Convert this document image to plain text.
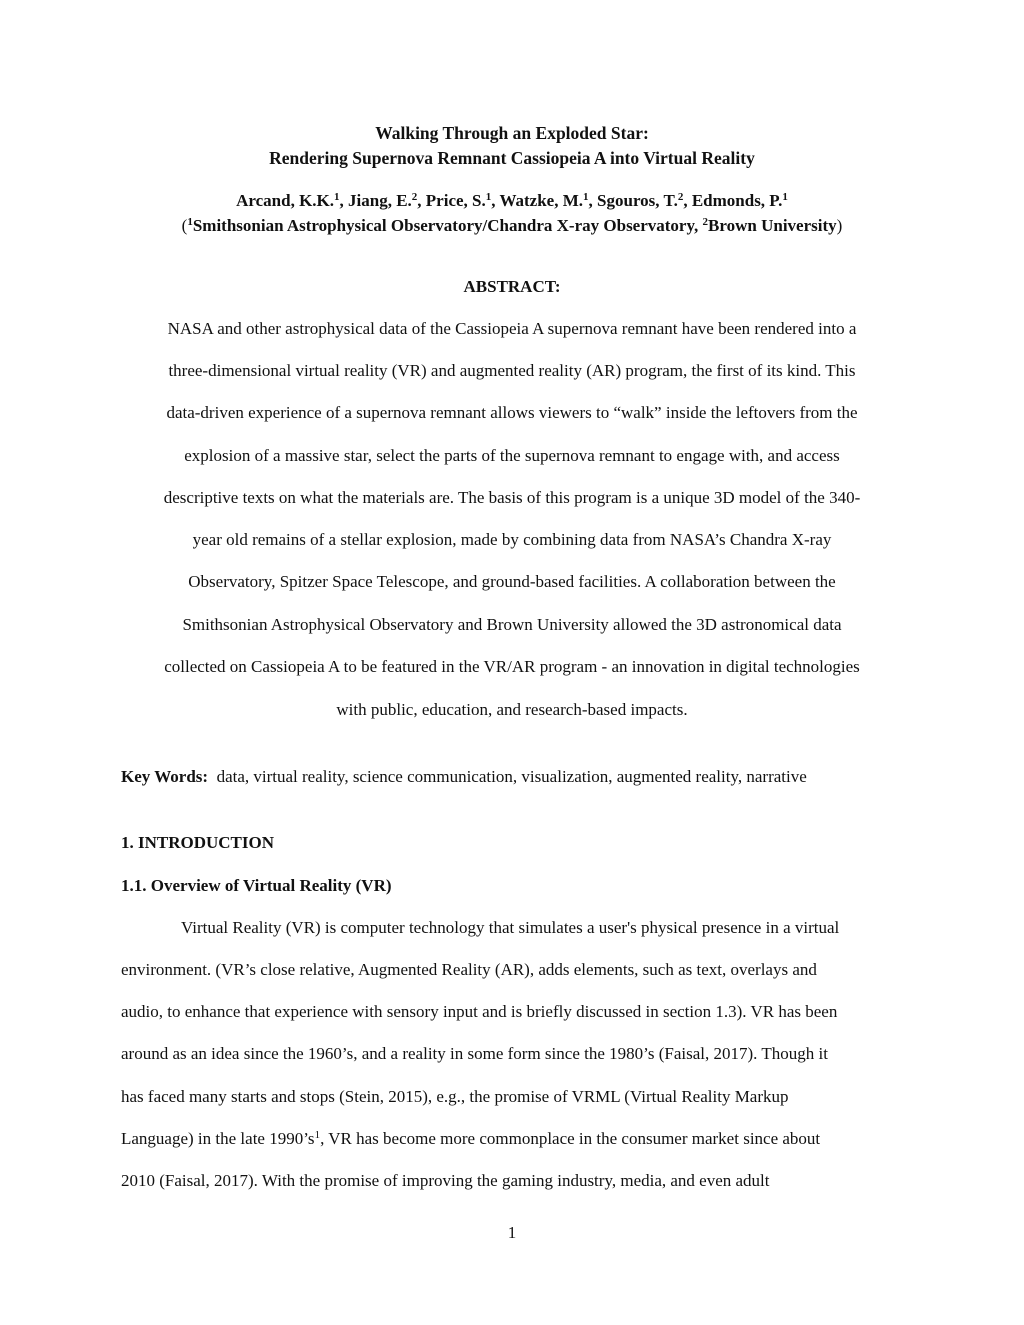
Walking Through an Exploded Star:
Rendering Supernova Remnant Cassiopeia A into Virtual Reality
Arcand, K.K.$^1$, Jiang, E.$^2$, Price, S.$^1$, Watzke, M.$^1$, Sgouros, T.$^2$, Edmonds, P.$^1$
($^1$Smithsonian Astrophysical Observatory/Chandra X-ray Observatory, $^2$Brown University)
ABSTRACT:
NASA and other astrophysical data of the Cassiopeia A supernova remnant have been rendered into a
three-dimensional virtual reality (VR) and augmented reality (AR) program, the first of its kind. This
data-driven experience of a supernova remnant allows viewers to “walk” inside the leftovers from the
explosion of a massive star, select the parts of the supernova remnant to engage with, and access
descriptive texts on what the materials are. The basis of this program is a unique 3D model of the 340-
year old remains of a stellar explosion, made by combining data from NASA’s Chandra X-ray
Observatory, Spitzer Space Telescope, and ground-based facilities. A collaboration between the
Smithsonian Astrophysical Observatory and Brown University allowed the 3D astronomical data
collected on Cassiopeia A to be featured in the VR/AR program - an innovation in digital technologies
with public, education, and research-based impacts.
Key Words: data, virtual reality, science communication, visualization, augmented reality, narrative
1. INTRODUCTION
1.1. Overview of Virtual Reality (VR)
Virtual Reality (VR) is computer technology that simulates a user's physical presence in a virtual
environment. (VR’s close relative, Augmented Reality (AR), adds elements, such as text, overlays and
audio, to enhance that experience with sensory input and is briefly discussed in section 1.3). VR has been
around as an idea since the 1960’s, and a reality in some form since the 1980’s (Faisal, 2017). Though it
has faced many starts and stops (Stein, 2015), e.g., the promise of VRML (Virtual Reality Markup
Language) in the late $1990’s^1$, VR has become more commonplace in the consumer market since about
2010 (Faisal, 2017). With the promise of improving the gaming industry, media, and even adult
1
